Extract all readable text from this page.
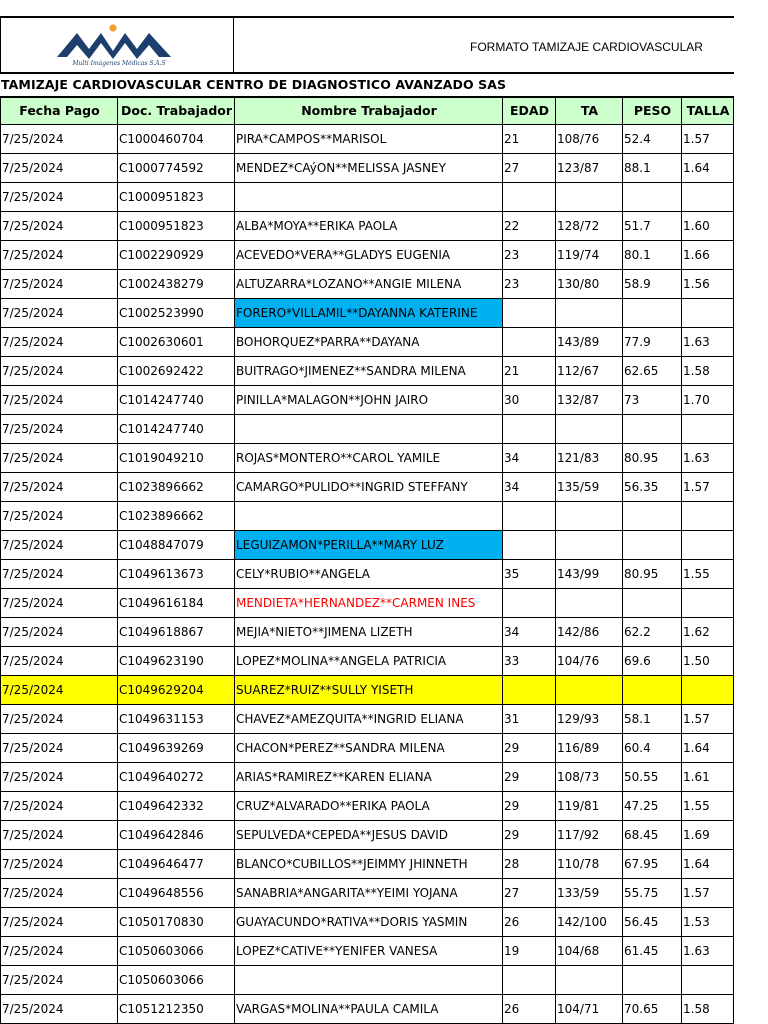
Multi Imágenes Médicas S.A.S
FORMATO TAMIZAJE CARDIOVASCULAR
TAMIZAJE CARDIOVASCULAR CENTRO DE DIAGNOSTICO AVANZADO SAS
Fecha Pago	Doc. Trabajador	Nombre Trabajador	EDAD	TA	PESO	TALLA
7/25/2024	C1000460704	PIRA*CAMPOS**MARISOL	21	108/76	52.4	1.57
7/25/2024	C1000774592	MENDEZ*CAýON**MELISSA JASNEY	27	123/87	88.1	1.64
7/25/2024	C1000951823					
7/25/2024	C1000951823	ALBA*MOYA**ERIKA PAOLA	22	128/72	51.7	1.60
7/25/2024	C1002290929	ACEVEDO*VERA**GLADYS EUGENIA	23	119/74	80.1	1.66
7/25/2024	C1002438279	ALTUZARRA*LOZANO**ANGIE MILENA	23	130/80	58.9	1.56
7/25/2024	C1002523990	FORERO*VILLAMIL**DAYANNA KATERINE				
7/25/2024	C1002630601	BOHORQUEZ*PARRA**DAYANA		143/89	77.9	1.63
7/25/2024	C1002692422	BUITRAGO*JIMENEZ**SANDRA MILENA	21	112/67	62.65	1.58
7/25/2024	C1014247740	PINILLA*MALAGON**JOHN JAIRO	30	132/87	73	1.70
7/25/2024	C1014247740					
7/25/2024	C1019049210	ROJAS*MONTERO**CAROL YAMILE	34	121/83	80.95	1.63
7/25/2024	C1023896662	CAMARGO*PULIDO**INGRID STEFFANY	34	135/59	56.35	1.57
7/25/2024	C1023896662					
7/25/2024	C1048847079	LEGUIZAMON*PERILLA**MARY LUZ				
7/25/2024	C1049613673	CELY*RUBIO**ANGELA	35	143/99	80.95	1.55
7/25/2024	C1049616184	MENDIETA*HERNANDEZ**CARMEN INES				
7/25/2024	C1049618867	MEJIA*NIETO**JIMENA LIZETH	34	142/86	62.2	1.62
7/25/2024	C1049623190	LOPEZ*MOLINA**ANGELA PATRICIA	33	104/76	69.6	1.50
7/25/2024	C1049629204	SUAREZ*RUIZ**SULLY YISETH				
7/25/2024	C1049631153	CHAVEZ*AMEZQUITA**INGRID ELIANA	31	129/93	58.1	1.57
7/25/2024	C1049639269	CHACON*PEREZ**SANDRA MILENA	29	116/89	60.4	1.64
7/25/2024	C1049640272	ARIAS*RAMIREZ**KAREN ELIANA	29	108/73	50.55	1.61
7/25/2024	C1049642332	CRUZ*ALVARADO**ERIKA PAOLA	29	119/81	47.25	1.55
7/25/2024	C1049642846	SEPULVEDA*CEPEDA**JESUS DAVID	29	117/92	68.45	1.69
7/25/2024	C1049646477	BLANCO*CUBILLOS**JEIMMY JHINNETH	28	110/78	67.95	1.64
7/25/2024	C1049648556	SANABRIA*ANGARITA**YEIMI YOJANA	27	133/59	55.75	1.57
7/25/2024	C1050170830	GUAYACUNDO*RATIVA**DORIS YASMIN	26	142/100	56.45	1.53
7/25/2024	C1050603066	LOPEZ*CATIVE**YENIFER VANESA	19	104/68	61.45	1.63
7/25/2024	C1050603066					
7/25/2024	C1051212350	VARGAS*MOLINA**PAULA CAMILA	26	104/71	70.65	1.58
